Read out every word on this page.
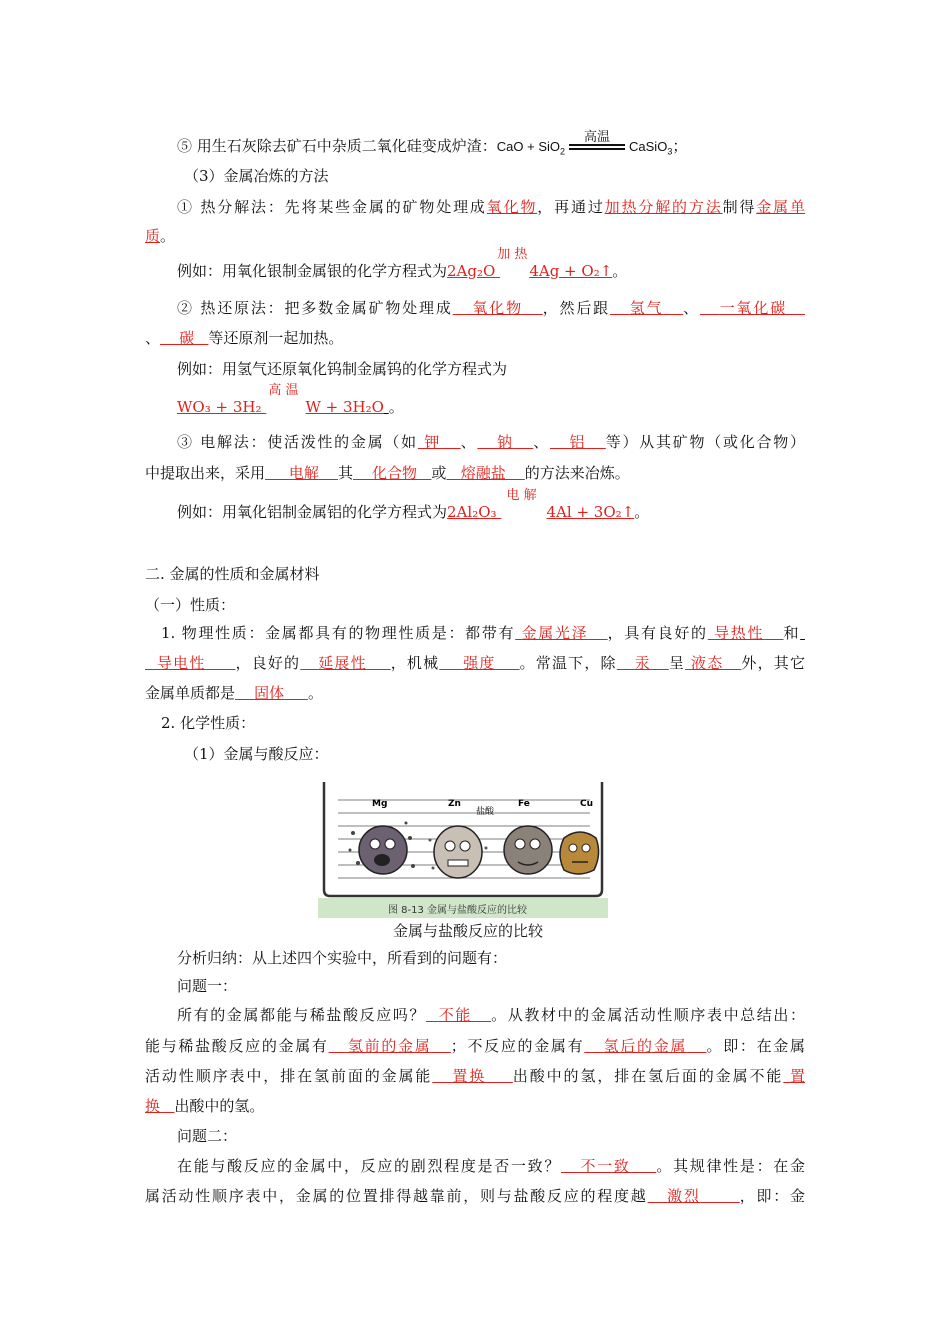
⑤ 用生石灰除去矿石中杂质二氧化硅变成炉渣：CaO + SiO$_2$
高温
CaSiO$_3$；
（3）金属冶炼的方法
① 热分解法：先将某些金属的矿物处理成氧化物，再通过加热分解的方法制得金属单
质。
例如：用氧化银制金属银的化学方程式为2Ag₂O
加 热
4Ag + O₂↑。
② 热还原法：把多数金属矿物处理成 氧化物 ，然后跟 氢气 、 一氧化碳
、 碳 等还原剂一起加热。
例如：用氢气还原氧化钨制金属钨的化学方程式为
WO₃ + 3H₂
高 温
W + 3H₂O 。
③ 电解法：使活泼性的金属（如 钾 、 钠 、 铝 等）从其矿物（或化合物）
中提取出来，采用 电解 其 化合物 或 熔融盐 的方法来冶炼。
例如：用氧化铝制金属铝的化学方程式为2Al₂O₃
电 解
4Al + 3O₂↑。
二. 金属的性质和金属材料
（一）性质：
1. 物理性质：金属都具有的物理性质是：都带有 金属光泽 ，具有良好的 导热性 和
导电性 ，良好的 延展性 ，机械 强度 。常温下，除 汞 呈 液态 外，其它
金属单质都是 固体 。
2. 化学性质：
（1）金属与酸反应：
Mg	Zn	Fe	Cu
盐酸
图 8-13 金属与盐酸反应的比较
金属与盐酸反应的比较
分析归纳：从上述四个实验中，所看到的问题有：
问题一：
所有的金属都能与稀盐酸反应吗？ 不能 。从教材中的金属活动性顺序表中总结出：
能与稀盐酸反应的金属有 氢前的金属 ；不反应的金属有 氢后的金属 。即：在金属
活动性顺序表中，排在氢前面的金属能 置换 出酸中的氢，排在氢后面的金属不能 置
换 出酸中的氢。
问题二：
在能与酸反应的金属中，反应的剧烈程度是否一致？ 不一致 。其规律性是：在金
属活动性顺序表中，金属的位置排得越靠前，则与盐酸反应的程度越 激烈	，即：金
